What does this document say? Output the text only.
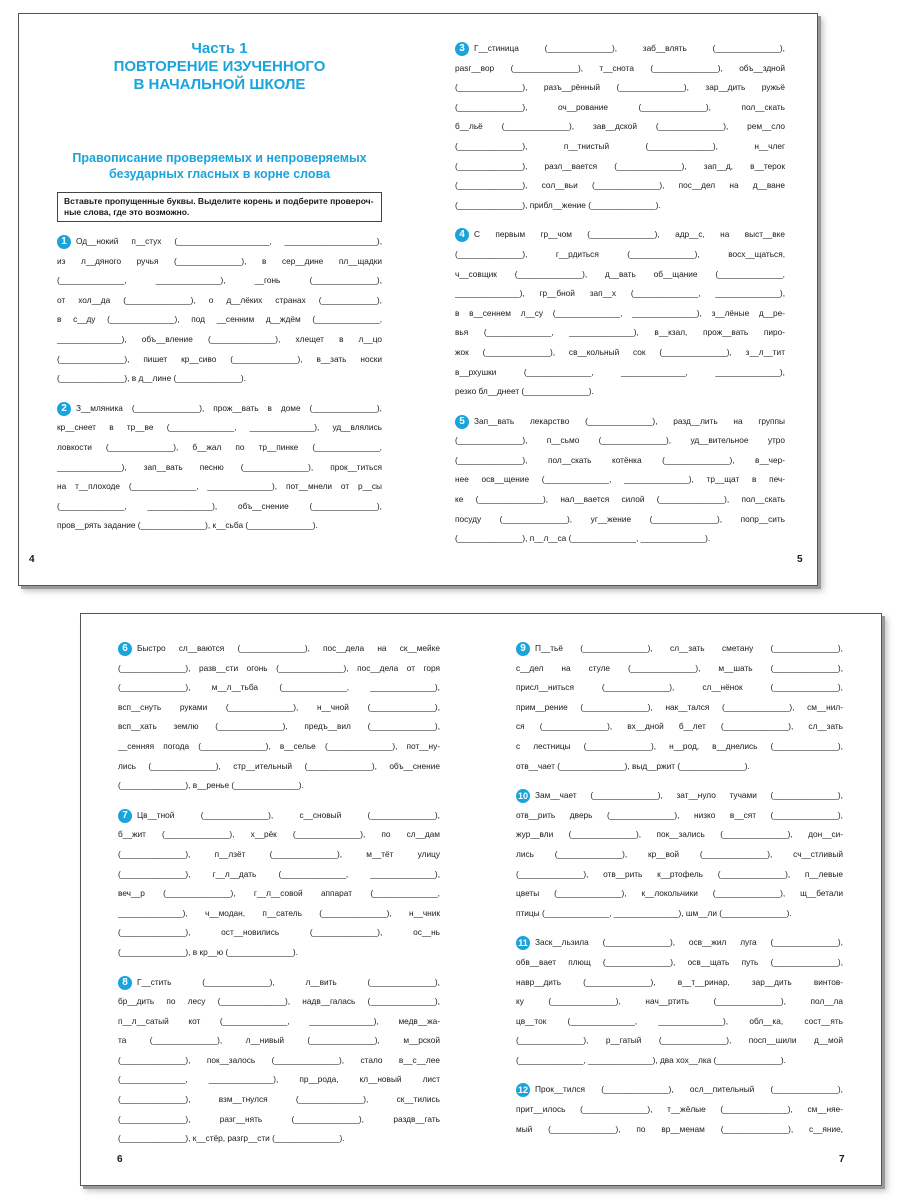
Часть 1
ПОВТОРЕНИЕ ИЗУЧЕННОГО
В НАЧАЛЬНОЙ ШКОЛЕ
Правописание проверяемых и непроверяемых
безударных гласных в корне слова
Вставьте пропущенные буквы. Выделите корень и подберите провероч-
ные слова, где это возможно.
1	Од__нокий п__стух (____________________, ____________________),
из л__дяного ручья (______________), в сер__дине пл__щадки
(______________, ______________), __гонь (______________),
от хол__да (______________), о д__лёких странах (____________),
в с__ду (______________), под __сенним д__ждём (______________,
______________), объ__вление (______________), хлещет в л__цо
(______________), пишет кр__сиво (______________), в__зать носки
(______________), в д__лине (______________).
2	З__мляника (______________), прож__вать в доме (______________),
кр__снеет в тр__ве (______________, ______________), уд__влялись
ловкости (______________), б__жал по тр__пинке (______________,
______________), зап__вать песню (______________), прок__титься
на т__плоходе (______________, ______________), пот__мнели от р__сы
(______________, ______________), объ__снение (______________),
пров__рять задание (______________), к__сьба (______________).
4
3	Г__стиница (______________), заб__влять (______________),
раsг__вор (______________), т__снота (______________), объ__здной
(______________), разъ__рённый (______________), зар__дить ружьё
(______________), оч__рование (______________), пол__скать
б__льё (______________), зав__дской (______________), рем__сло
(______________), п__тнистый (______________), н__члег
(______________), разл__вается (______________), зап__д, в__терок
(______________), сол__вьи (______________), пос__дел на д__ване
(______________), прибл__жение (______________).
4	С первым гр__чом (______________), адр__с, на выст__вке
(______________), г__рдиться (______________), восх__щаться,
ч__совщик (______________), д__вать об__щание (______________,
______________), гр__бной зап__х (______________, ______________),
в в__сеннем л__су (______________, ______________), з__лёные д__ре-
вья (______________, ______________), в__кзал, прож__вать пиро-
жок (______________), св__кольный сок (______________), з__л__тит
в__рхушки (______________, ______________, ______________),
резко бл__днеет (______________).
5	Зап__вать лекарство (______________), разд__лить на группы
(______________), п__сьмо (______________), уд__вительное утро
(______________), пол__скать котёнка (______________), в__чер-
нее осв__щение (______________, ______________), тр__щат в печ-
ке (______________), нал__вается силой (______________), пол__скать
посуду (______________), уг__жение (______________), попр__сить
(______________), п__л__са (______________, ______________).
5
6	Быстро сл__ваются (______________), пос__дела на ск__мейке
(______________), разв__сти огонь (______________), пос__дела от горя
(______________), м__л__тьба (______________, ______________),
всп__снуть руками (______________), н__чной (______________),
всп__хать землю (______________), предъ__вил (______________),
__сенняя погода (______________), в__селье (______________), пот__ну-
лись (______________), стр__ительный (______________), объ__снение
(______________), в__ренье (______________).
7	Цв__тной (______________), с__сновый (______________),
б__жит (______________), х__рёк (______________), по сл__дам
(______________), п__лзёт (______________), м__тёт улицу
(______________), г__л__дать (______________, ______________),
веч__р (______________), г__л__совой аппарат (______________,
______________), ч__модан, п__сатель (______________), н__чник
(______________), ост__новились (______________), ос__нь
(______________), в кр__ю (______________).
8	Г__стить (______________), л__вить (______________),
бр__дить по лесу (______________), надв__галась (______________),
п__л__сатый кот (______________, ______________), медв__жа-
та (______________), л__нивый (______________), м__рской
(______________), пок__залось (______________), стало в__с__лее
(______________, ______________), пр__рода, кл__новый лист
(______________), взм__тнулся (______________), ск__тились
(______________), разг__нять (______________), раздв__гать
(______________), к__стёр, разгр__сти (______________).
6
9	П__тьё (______________), сл__зать сметану (______________),
с__дел на стуле (______________), м__шать (______________),
присл__ниться (______________), сл__нёнок (______________),
прим__рение (______________), нак__тался (______________), см__нил-
ся (______________), вх__дной б__лет (______________), сл__зать
с лестницы (______________), н__род, в__днелись (______________),
отв__чает (______________), выд__ржит (______________).
10 Зам__чает (______________), зат__нуло тучами (______________),
отв__рить дверь (______________), низко в__сят (______________),
жур__вли (______________), пок__зались (______________), дон__си-
лись (______________), кр__вой (______________), сч__стливый
(______________), отв__рить к__ртофель (______________), п__левые
цветы (______________), к__локольчики (______________), щ__бетали
птицы (______________, ______________), шм__ли (______________).
11 Заск__льзила (______________), осв__жил луга (______________),
обв__вает плющ (______________), осв__щать путь (______________),
навр__дить (______________), в__т__ринар, зар__дить винтов-
ку (______________), нач__ртить (______________), пол__ла
цв__ток (______________, ______________), обл__ка, сост__ять
(______________), р__гатый (______________), посп__шили д__мой
(______________, ______________), два хох__лка (______________).
12 Прок__тился (______________), осл__пительный (______________),
прит__илось (______________), т__жёлые (______________), см__няе-
мый (______________), по вр__менам (______________), с__яние,
7
